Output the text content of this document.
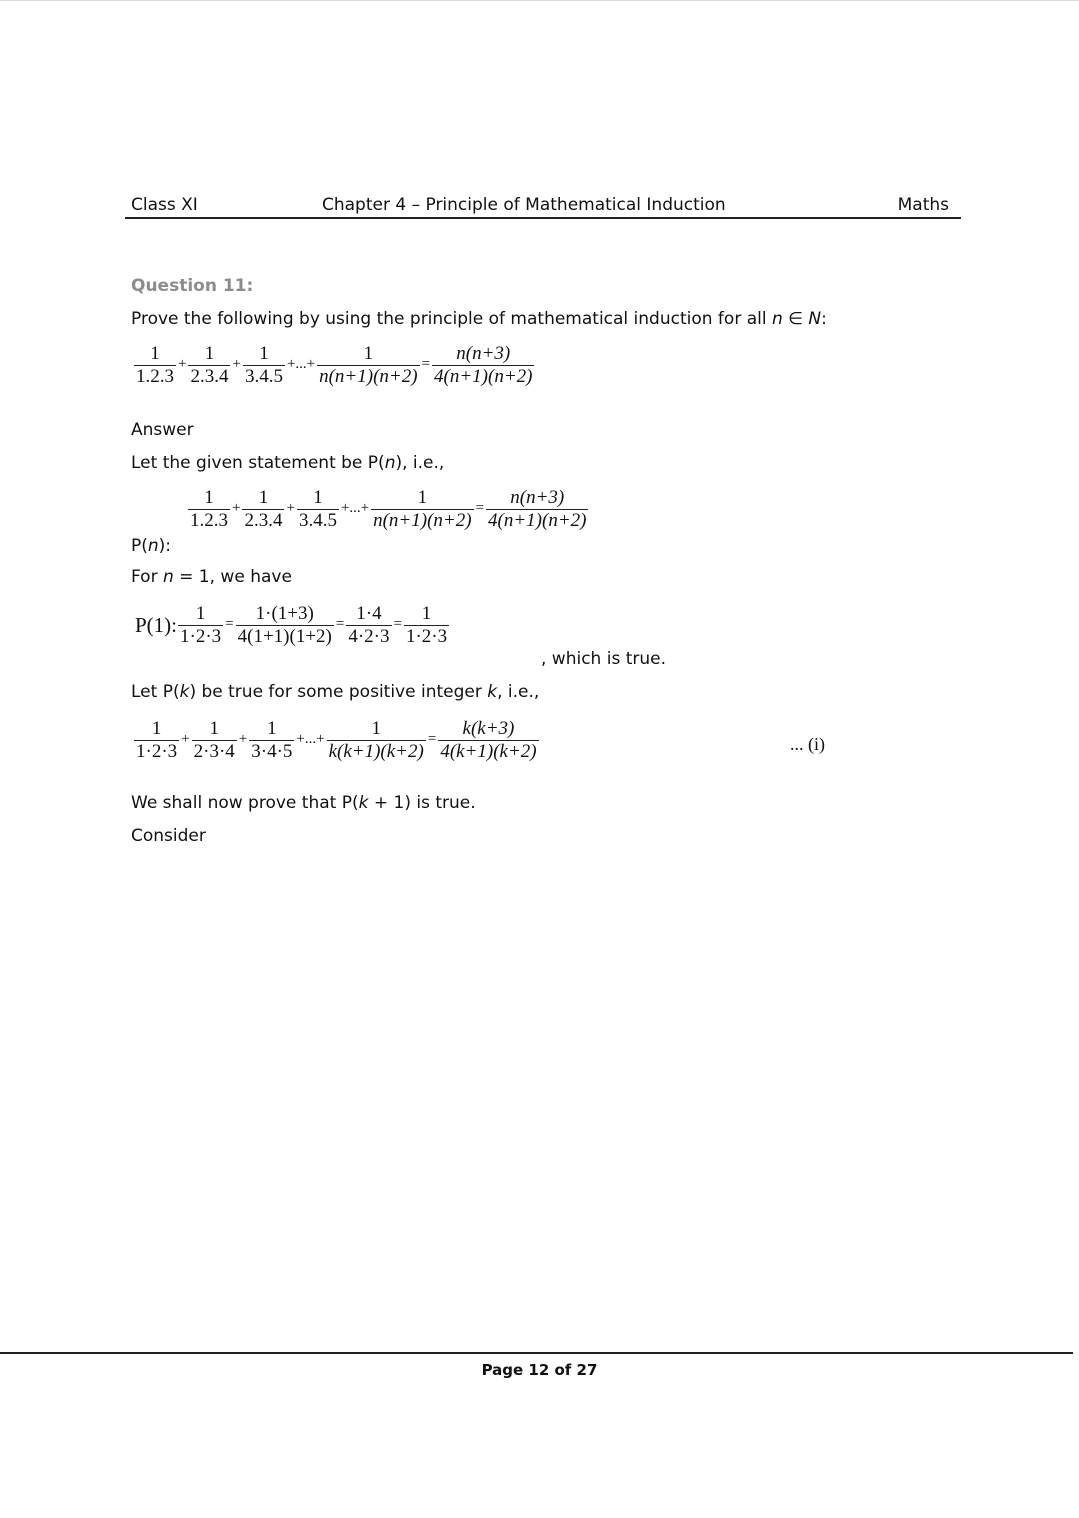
Class XI	Chapter 4 – Principle of Mathematical Induction	Maths
Question 11:
Prove the following by using the principle of mathematical induction for all n ∈ N:
$\frac{1}{1.2.3} + \frac{1}{2.3.4} + \frac{1}{3.4.5}$ +...+ $\frac{1}{n(n+1)(n+2)} = \frac{n(n+3)}{4(n+1)(n+2)}$
Answer
Let the given statement be P(n), i.e.,
P(n):
$\frac{1}{1.2.3} + \frac{1}{2.3.4} + \frac{1}{3.4.5}$ +...+ $\frac{1}{n(n+1)(n+2)} = \frac{n(n+3)}{4(n+1)(n+2)}$
For n = 1, we have
P(1): $\frac{1}{1\cdot 2\cdot 3} = \frac{1\cdot(1+3)}{4(1+1)(1+2)} = \frac{1\cdot 4}{4\cdot 2\cdot 3} = \frac{1}{1\cdot 2\cdot 3}$
, which is true.
Let P(k) be true for some positive integer k, i.e.,
$\frac{1}{1\cdot 2\cdot 3} + \frac{1}{2\cdot 3\cdot 4} + \frac{1}{3\cdot 4\cdot 5}$ +...+ $\frac{1}{k(k+1)(k+2)} = \frac{k(k+3)}{4(k+1)(k+2)}$	... (i)
We shall now prove that P(k + 1) is true.
Consider
Page 12 of 27
